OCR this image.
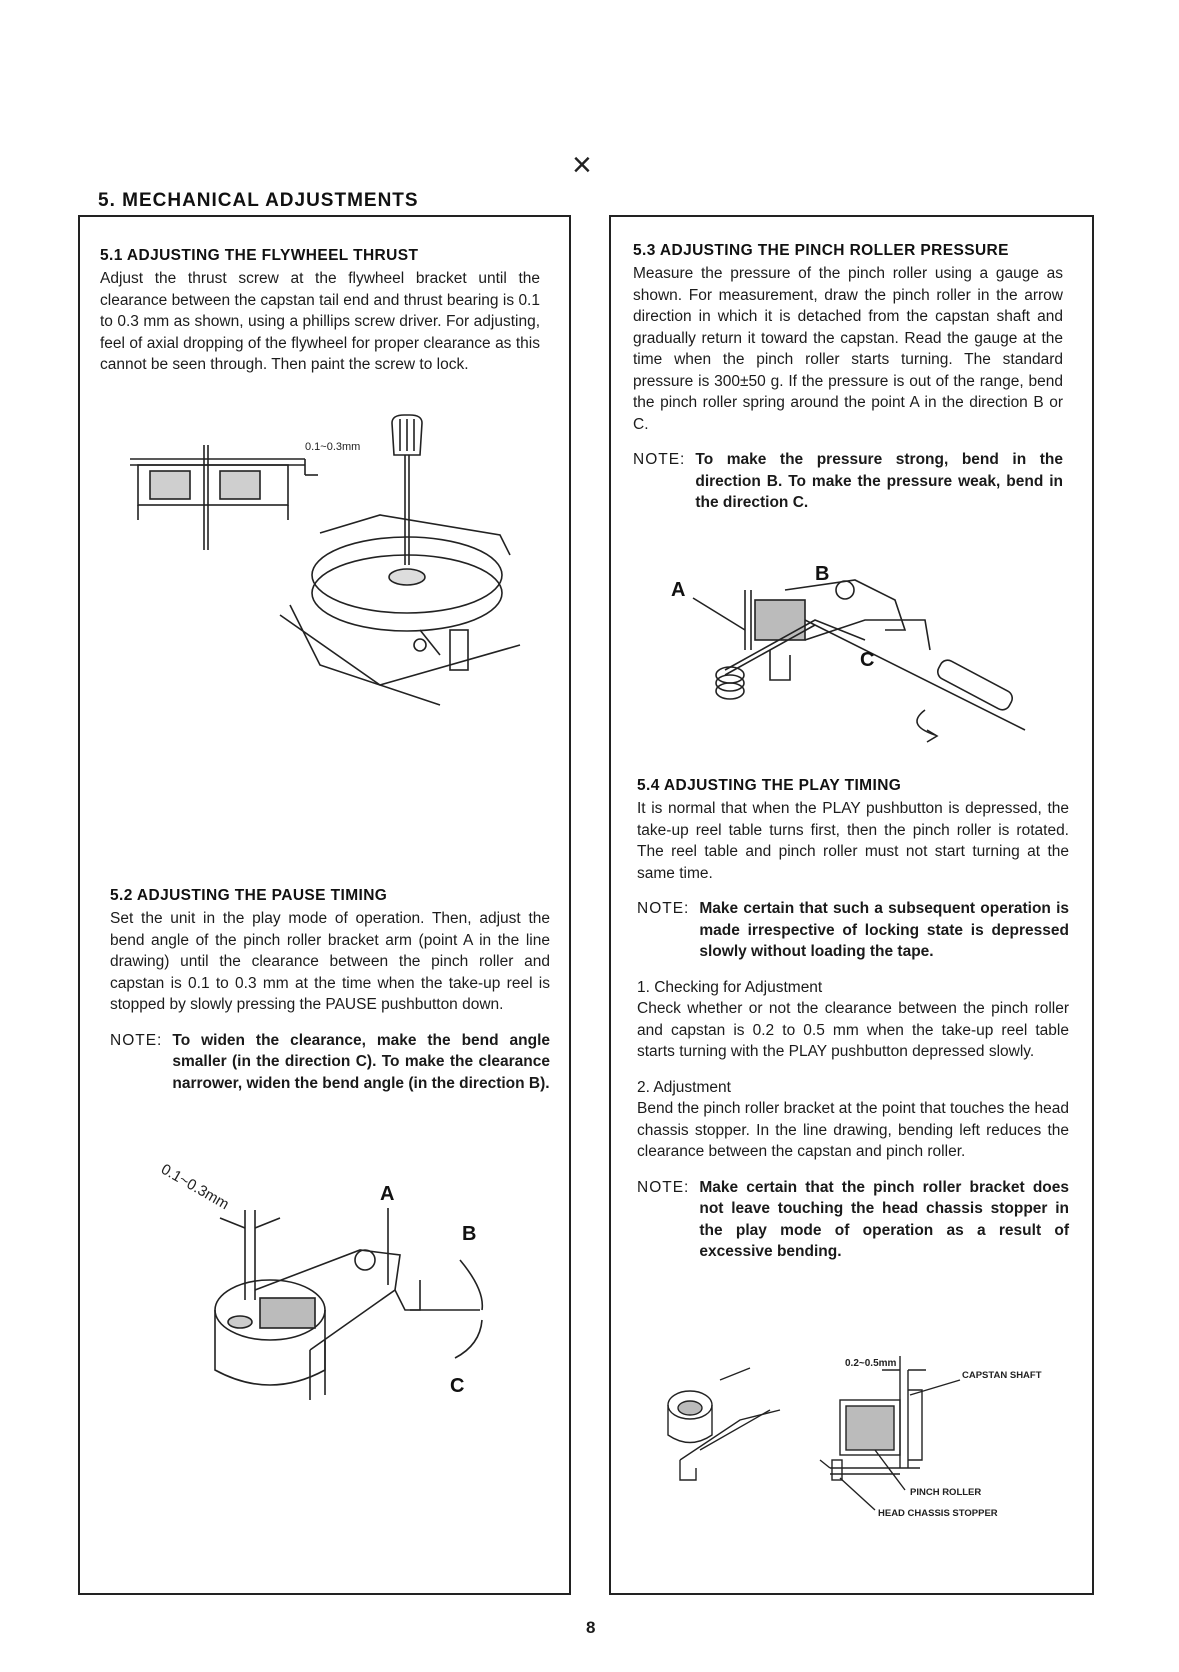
×
5. MECHANICAL ADJUSTMENTS
5.1 ADJUSTING THE FLYWHEEL THRUST

Adjust the thrust screw at the flywheel bracket until the clearance between the capstan tail end and thrust bearing is 0.1 to 0.3 mm as shown, using a phillips screw driver. For adjusting, feel of axial dropping of the flywheel for proper clearance as this cannot be seen through. Then paint the screw to lock.

0.1~0.3mm
5.2 ADJUSTING THE PAUSE TIMING

Set the unit in the play mode of operation. Then, adjust the bend angle of the pinch roller bracket arm (point A in the line drawing) until the clearance between the pinch roller and capstan is 0.1 to 0.3 mm at the time when the take-up reel is stopped by slowly pressing the PAUSE pushbutton down.

NOTE: To widen the clearance, make the bend angle smaller (in the direction C). To make the clearance narrower, widen the bend angle (in the direction B).
0.1~0.3mm	A
B
C
5.3 ADJUSTING THE PINCH ROLLER PRESSURE

Measure the pressure of the pinch roller using a gauge as shown. For measurement, draw the pinch roller in the arrow direction in which it is detached from the capstan shaft and gradually return it toward the capstan. Read the gauge at the time when the pinch roller starts turning. The standard pressure is 300±50 g. If the pressure is out of the range, bend the pinch roller spring around the point A in the direction B or C.

NOTE: To make the pressure strong, bend in the direction B. To make the pressure weak, bend in the direction C.
A
B
C
5.4 ADJUSTING THE PLAY TIMING

It is normal that when the PLAY pushbutton is depressed, the take-up reel table turns first, then the pinch roller is rotated. The reel table and pinch roller must not start turning at the same time.

NOTE: Make certain that such a subsequent operation is made irrespective of locking state is depressed slowly without loading the tape.

1. Checking for Adjustment

Check whether or not the clearance between the pinch roller and capstan is 0.2 to 0.5 mm when the take-up reel table starts turning with the PLAY pushbutton depressed slowly.

2. Adjustment

Bend the pinch roller bracket at the point that touches the head chassis stopper. In the line drawing, bending left reduces the clearance between the capstan and pinch roller.

NOTE: Make certain that the pinch roller bracket does not leave touching the head chassis stopper in the play mode of operation as a result of excessive bending.
0.2~0.5mm
CAPSTAN SHAFT
PINCH ROLLER
HEAD CHASSIS STOPPER
8
